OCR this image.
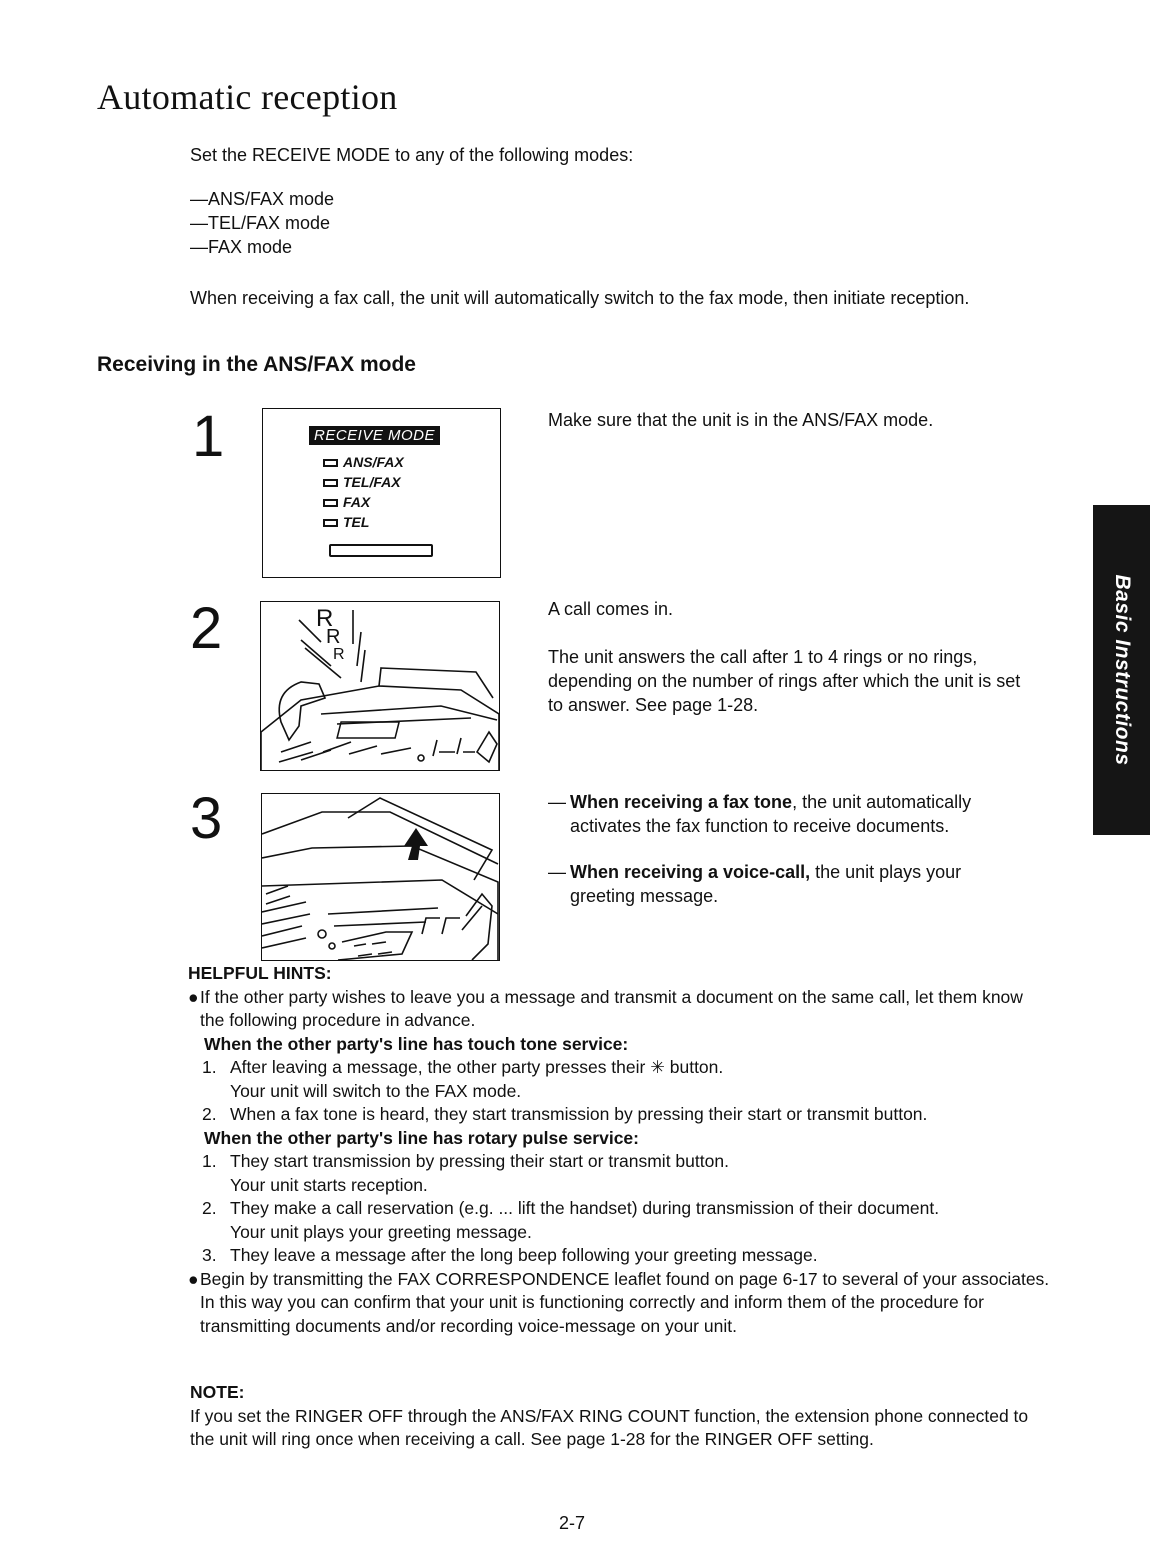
Automatic reception
Set the RECEIVE MODE to any of the following modes:
—ANS/FAX mode
—TEL/FAX mode
—FAX mode
When receiving a fax call, the unit will automatically switch to the fax mode, then initiate reception.
Receiving in the ANS/FAX mode
1	RECEIVE MODE
ANS/FAX
TEL/FAX
FAX
TEL
Make sure that the unit is in the ANS/FAX mode.
2	R
R
R
A call comes in.
The unit answers the call after 1 to 4 rings or no rings, depending on the number of rings after which the unit is set to answer. See page 1-28.
3	— When receiving a fax tone, the unit automatically activates the fax function to receive documents.
— When receiving a voice-call, the unit plays your greeting message.
Basic Instructions
HELPFUL HINTS:
● If the other party wishes to leave you a message and transmit a document on the same call, let them know the following procedure in advance.
When the other party's line has touch tone service:
1. After leaving a message, the other party presses their ✳ button.
Your unit will switch to the FAX mode.
2. When a fax tone is heard, they start transmission by pressing their start or transmit button.
When the other party's line has rotary pulse service:
1. They start transmission by pressing their start or transmit button.
Your unit starts reception.
2. They make a call reservation (e.g. ... lift the handset) during transmission of their document.
Your unit plays your greeting message.
3. They leave a message after the long beep following your greeting message.
● Begin by transmitting the FAX CORRESPONDENCE leaflet found on page 6-17 to several of your associates. In this way you can confirm that your unit is functioning correctly and inform them of the procedure for transmitting documents and/or recording voice-message on your unit.
NOTE:
If you set the RINGER OFF through the ANS/FAX RING COUNT function, the extension phone connected to the unit will ring once when receiving a call. See page 1-28 for the RINGER OFF setting.
2-7
